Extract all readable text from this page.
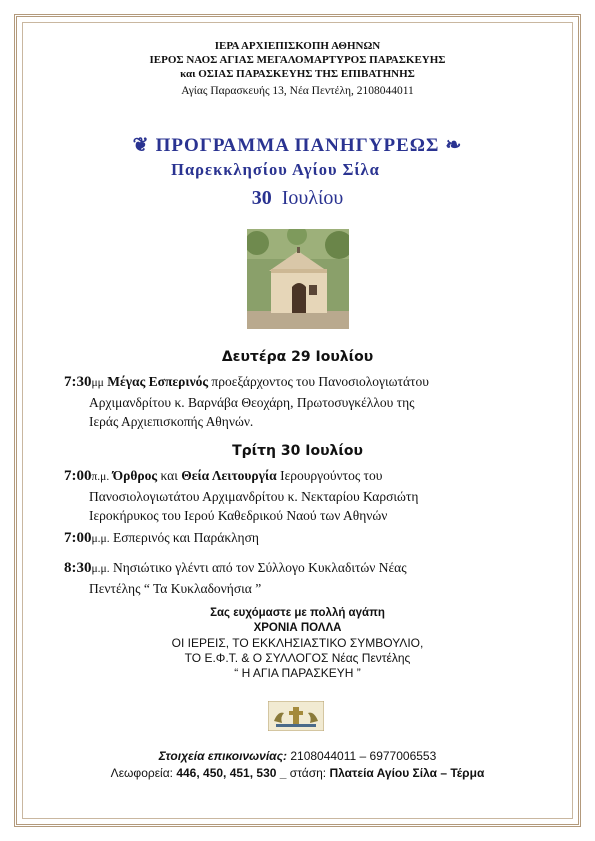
ΙΕΡΑ ΑΡΧΙΕΠΙΣΚΟΠΗ ΑΘΗΝΩΝ
ΙΕΡΟΣ ΝΑΟΣ ΑΓΙΑΣ ΜΕΓΑΛΟΜΑΡΤΥΡΟΣ ΠΑΡΑΣΚΕΥΗΣ
και ΟΣΙΑΣ ΠΑΡΑΣΚΕΥΗΣ ΤΗΣ ΕΠΙΒΑΤΗΝΗΣ
Αγίας Παρασκευής 13, Νέα Πεντέλη, 2108044011
❦ ΠΡΟΓΡΑΜΜΑ ΠΑΝΗΓΥΡΕΩΣ ❧
Παρεκκλησίου Αγίου Σίλα
30 Ιουλίου
Δευτέρα 29 Ιουλίου
7:30μμ Μέγας Εσπερινός προεξάρχοντος του Πανοσιολογιωτάτου
Αρχιμανδρίτου κ. Βαρνάβα Θεοχάρη, Πρωτοσυγκέλλου της
Ιεράς Αρχιεπισκοπής Αθηνών.
Τρίτη 30 Ιουλίου
7:00π.μ. Όρθρος και Θεία Λειτουργία Ιερουργούντος του
Πανοσιολογιωτάτου Αρχιμανδρίτου κ. Νεκταρίου Καρσιώτη
Ιεροκήρυκος του Ιερού Καθεδρικού Ναού των Αθηνών
7:00μ.μ. Εσπερινός και Παράκληση
8:30μ.μ. Νησιώτικο γλέντι από τον Σύλλογο Κυκλαδιτών Νέας
Πεντέλης “ Τα Κυκλαδονήσια ”
Σας ευχόμαστε με πολλή αγάπη
ΧΡΟΝΙΑ ΠΟΛΛΑ
ΟΙ ΙΕΡΕΙΣ, ΤΟ ΕΚΚΛΗΣΙΑΣΤΙΚΟ ΣΥΜΒΟΥΛΙΟ,
ΤΟ Ε.Φ.Τ. & Ο ΣΥΛΛΟΓΟΣ Νέας Πεντέλης
“ Η ΑΓΙΑ ΠΑΡΑΣΚΕΥΗ ”
Στοιχεία επικοινωνίας: 2108044011 – 6977006553
Λεωφορεία: 446, 450, 451, 530 _ στάση: Πλατεία Αγίου Σίλα – Τέρμα
